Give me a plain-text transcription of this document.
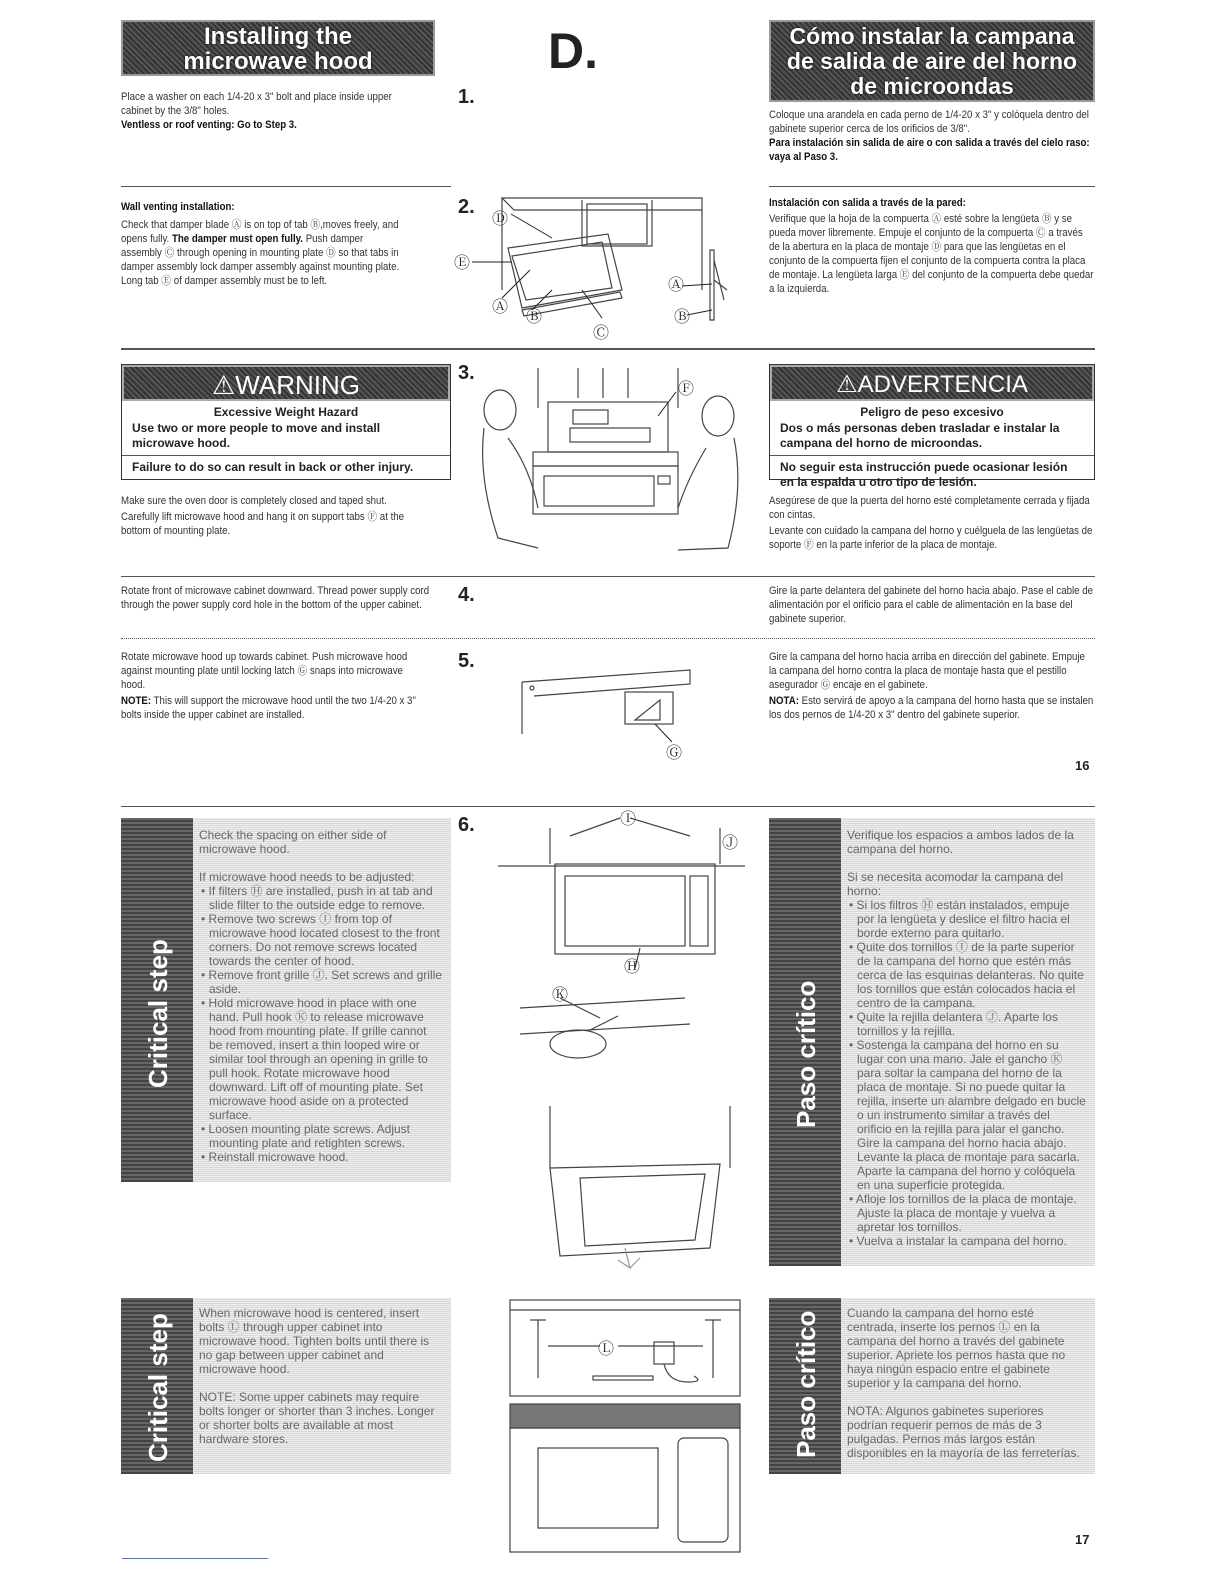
Installing the
microwave hood	D.	Cómo instalar la campana
de salida de aire del horno
de microondas
Place a washer on each 1/4-20 x 3" bolt and place inside upper cabinet by the 3/8" holes.
Ventless or roof venting: Go to Step 3.
1.
Coloque una arandela en cada perno de 1/4-20 x 3" y colóquela dentro del gabinete superior cerca de los orificios de 3/8".
Para instalación sin salida de aire o con salida a través del cielo raso: vaya al Paso 3.
Wall venting installation:

Check that damper blade Ⓐ is on top of tab Ⓑ,moves freely, and opens fully. The damper must open fully. Push damper assembly Ⓒ through opening in mounting plate Ⓓ so that tabs in damper assembly lock damper assembly against mounting plate. Long tab Ⓔ of damper assembly must be to left.
2.
Ⓓ
Ⓔ
Ⓐ
Ⓑ
Ⓒ
Ⓐ
Ⓑ
Instalación con salida a través de la pared:

Verifique que la hoja de la compuerta Ⓐ esté sobre la lengüeta Ⓑ y se pueda mover libremente. Empuje el conjunto de la compuerta Ⓒ a través de la abertura en la placa de montaje Ⓓ para que las lengüetas en el conjunto de la compuerta fijen el conjunto de la compuerta contra la placa de montaje. La lengüeta larga Ⓔ del conjunto de la compuerta debe quedar a la izquierda.
⚠WARNING
Excessive Weight Hazard
Use two or more people to move and install microwave hood.
Failure to do so can result in back or other injury.
3.
Ⓕ	⚠ADVERTENCIA
Peligro de peso excesivo
Dos o más personas deben trasladar e instalar la campana del horno de microondas.
No seguir esta instrucción puede ocasionar lesión en la espalda u otro tipo de lesión.
Make sure the oven door is completely closed and taped shut.
Carefully lift microwave hood and hang it on support tabs Ⓕ at the bottom of mounting plate.
Asegúrese de que la puerta del horno esté completamente cerrada y fijada con cintas.
Levante con cuidado la campana del horno y cuélguela de las lengüetas de soporte Ⓕ en la parte inferior de la placa de montaje.
Rotate front of microwave cabinet downward. Thread power supply cord through the power supply cord hole in the bottom of the upper cabinet.	4.	Gire la parte delantera del gabinete del horno hacia abajo. Pase el cable de alimentación por el orificio para el cable de alimentación en la base del gabinete superior.
Rotate microwave hood up towards cabinet. Push microwave hood against mounting plate until locking latch Ⓖ snaps into microwave hood.
NOTE: This will support the microwave hood until the two 1/4-20 x 3" bolts inside the upper cabinet are installed.
5.
Ⓖ
Gire la campana del horno hacia arriba en dirección del gabinete. Empuje la campana del horno contra la placa de montaje hasta que el pestillo asegurador Ⓖ encaje en el gabinete.
NOTA: Esto servirá de apoyo a la campana del horno hasta que se instalen los dos pernos de 1/4-20 x 3" dentro del gabinete superior.
16
Critical step
Check the spacing on either side of microwave hood.
If microwave hood needs to be adjusted:
• If filters Ⓗ are installed, push in at tab and slide filter to the outside edge to remove.
• Remove two screws Ⓘ from top of microwave hood located closest to the front corners. Do not remove screws located towards the center of hood.
• Remove front grille Ⓙ. Set screws and grille aside.
• Hold microwave hood in place with one hand. Pull hook Ⓚ to release microwave hood from mounting plate. If grille cannot be removed, insert a thin looped wire or similar tool through an opening in grille to pull hook. Rotate microwave hood downward. Lift off of mounting plate. Set microwave hood aside on a protected surface.
• Loosen mounting plate screws. Adjust mounting plate and retighten screws.
• Reinstall microwave hood.
6.	Ⓘ
Ⓙ
Ⓗ
Ⓚ	Paso crítico
Verifique los espacios a ambos lados de la campana del horno.
Si se necesita acomodar la campana del horno:
• Si los filtros Ⓗ están instalados, empuje por la lengüeta y deslice el filtro hacia el borde externo para quitarlo.
• Quite dos tornillos Ⓘ de la parte superior de la campana del horno que estén más cerca de las esquinas delanteras. No quite los tornillos que están colocados hacia el centro de la campana.
• Quite la rejilla delantera Ⓙ. Aparte los tornillos y la rejilla.
• Sostenga la campana del horno en su lugar con una mano. Jale el gancho Ⓚ para soltar la campana del horno de la placa de montaje. Si no puede quitar la rejilla, inserte un alambre delgado en bucle o un instrumento similar a través del orificio en la rejilla para jalar el gancho. Gire la campana del horno hacia abajo. Levante la placa de montaje para sacarla. Aparte la campana del horno y colóquela en una superficie protegida.
• Afloje los tornillos de la placa de montaje. Ajuste la placa de montaje y vuelva a apretar los tornillos.
• Vuelva a instalar la campana del horno.
Critical step
When microwave hood is centered, insert bolts Ⓛ through upper cabinet into microwave hood. Tighten bolts until there is no gap between upper cabinet and microwave hood.
NOTE: Some upper cabinets may require bolts longer or shorter than 3 inches. Longer or shorter bolts are available at most hardware stores.
Ⓛ	Paso crítico Cuando la campana del horno esté centrada, inserte los pernos Ⓛ en la campana del horno a través del gabinete superior. Apriete los pernos hasta que no haya ningún espacio entre el gabinete superior y la campana del horno.
NOTA: Algunos gabinetes superiores podrían requerir pernos de más de 3 pulgadas. Pernos más largos están disponibles en la mayoría de las ferreterías.
17
